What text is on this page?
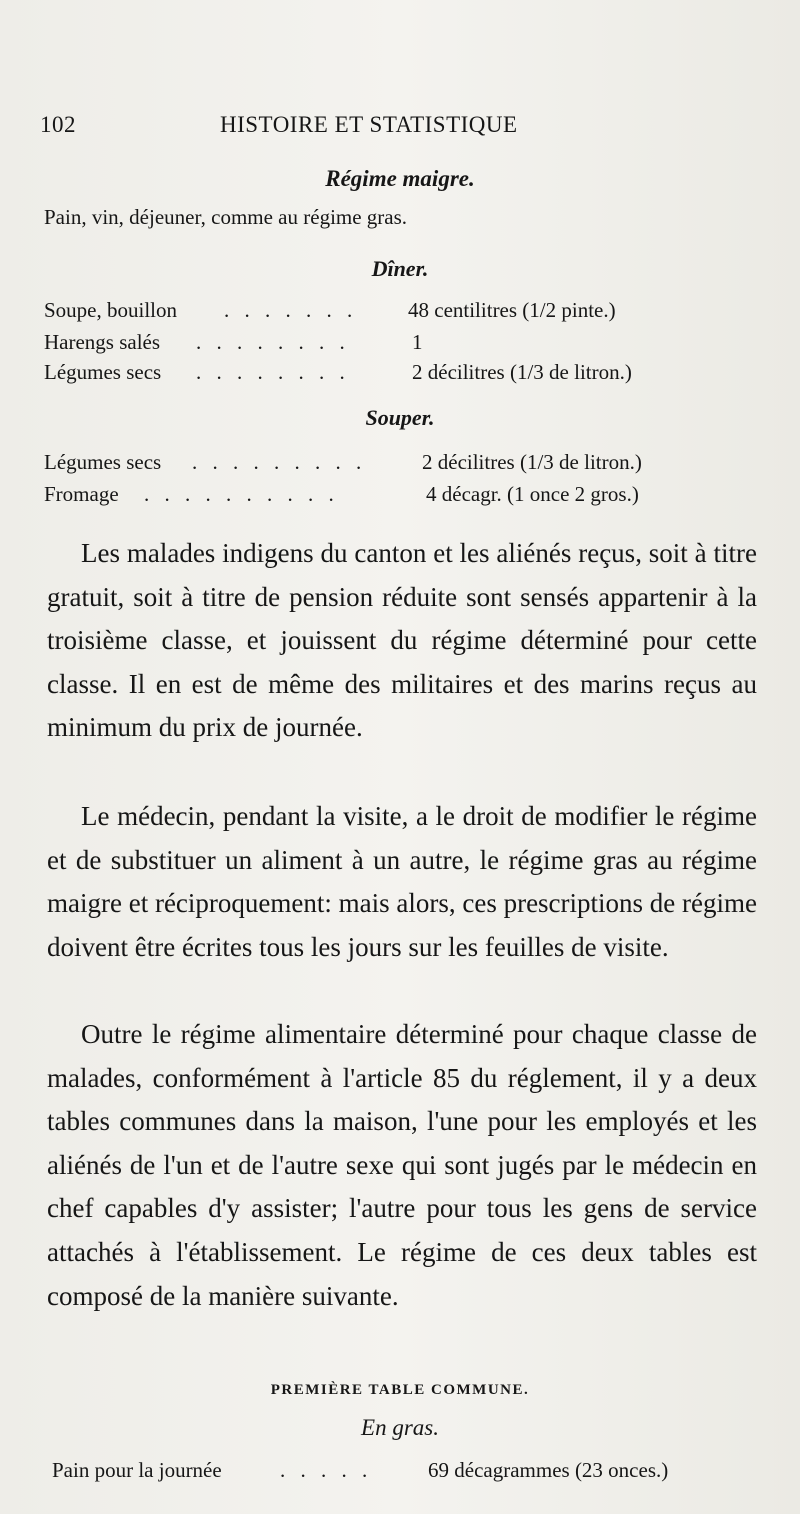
102	HISTOIRE ET STATISTIQUE
Régime maigre.
Pain, vin, déjeuner, comme au régime gras.
Dîner.
Soupe, bouillon . . . . . . . 48 centilitres (1/2 pinte.)
Harengs salés . . . . . . . .	1
Légumes secs . . . . . . . .	2 décilitres (1/3 de litron.)
Souper.
Légumes secs . . . . . . . . .	2 décilitres (1/3 de litron.)
Fromage . . . . . . . . . .	4 décagr. (1 once 2 gros.)

Les malades indigens du canton et les aliénés reçus, soit à titre gratuit, soit à titre de pension réduite sont sensés appartenir à la troisième classe, et jouissent du régime déterminé pour cette classe. Il en est de même des militaires et des marins reçus au minimum du prix de journée.

Le médecin, pendant la visite, a le droit de modifier le régime et de substituer un aliment à un autre, le régime gras au régime maigre et réciproquement: mais alors, ces prescriptions de régime doivent être écrites tous les jours sur les feuilles de visite.

Outre le régime alimentaire déterminé pour chaque classe de malades, conformément à l'article 85 du réglement, il y a deux tables communes dans la maison, l'une pour les employés et les aliénés de l'un et de l'autre sexe qui sont jugés par le médecin en chef capables d'y assister; l'autre pour tous les gens de service attachés à l'établissement. Le régime de ces deux tables est composé de la manière suivante.

PREMIÈRE TABLE COMMUNE.
En gras.
Pain pour la journée	. . . . .	69 décagrammes (23 onces.)
